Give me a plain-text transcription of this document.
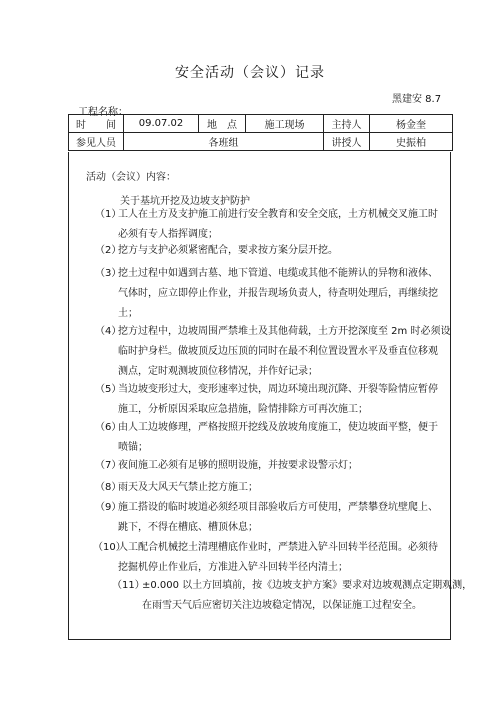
安全活动（会议）记录
黑建安 8.7
工程名称：
时　　间	09.07.02	地　点	施工现场	主持人	杨金奎
参见人员	各班组			讲授人	史振柏
活动（会议）内容：
关于基坑开挖及边坡支护防护
（1）
工人在土方及支护施工前进行安全教育和安全交底，土方机械交叉施工时
必须有专人指挥调度；
（2）
挖方与支护必须紧密配合，要求按方案分层开挖。
（3）
挖土过程中如遇到古墓、地下管道、电缆或其他不能辨认的异物和液体、
气体时，应立即停止作业，并报告现场负责人，待查明处理后，再继续挖
土；
（4）
挖方过程中，边坡周围严禁堆土及其他荷载，土方开挖深度至 2m 时必须设
临时护身栏。做坡顶反边压顶的同时在最不利位置设置水平及垂直位移观
测点，定时观测坡顶位移情况，并作好记录；
（5）
当边坡变形过大，变形速率过快，周边环境出现沉降、开裂等险情应暂停
施工，分析原因采取应急措施，险情排除方可再次施工；
（6）
由人工边坡修理，严格按照开挖线及放坡角度施工，使边坡面平整，便于
喷锚；
（7）
夜间施工必须有足够的照明设施，并按要求设警示灯；
（8）
雨天及大风天气禁止挖方施工；
（9）
施工搭设的临时坡道必须经项目部验收后方可使用，严禁攀登坑壁爬上、
跳下，不得在槽底、槽顶休息；
（10）
人工配合机械挖土清理槽底作业时，严禁进入铲斗回转半径范围。必须待
挖掘机停止作业后，方准进入铲斗回转半径内清土；
（11）
±0.000 以土方回填前，按《边坡支护方案》要求对边坡观测点定期观测，
在雨雪天气后应密切关注边坡稳定情况，以保证施工过程安全。
